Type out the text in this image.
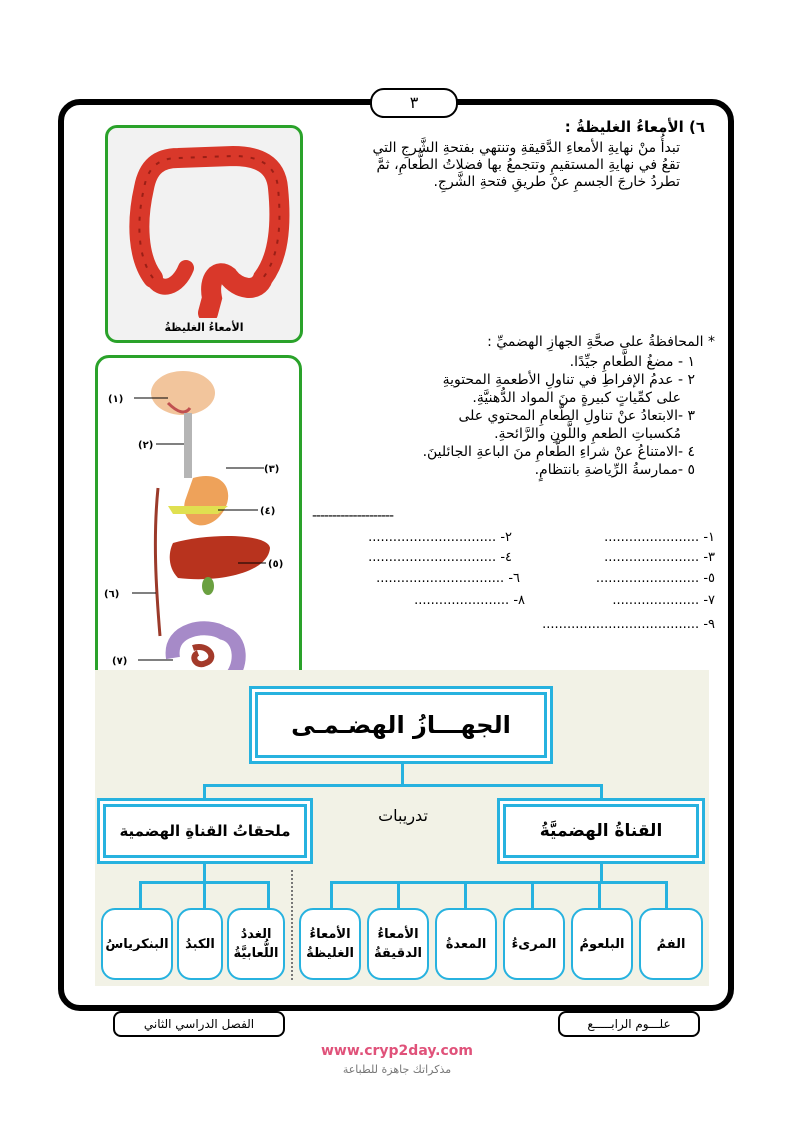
٣
٦) الأمعاءُ الغليظةُ :
تبدأُ منْ نهايةِ الأمعاءِ الدَّقيقةِ وتنتهي بفتحةِ الشَّرجِ التي تقعُ في نهايةِ المستقيمِ وتتجمعُ بها فضلاتُ الطَّعامِ، ثمَّ تطردُ خارجَ الجسمِ عنْ طريقِ فتحةِ الشَّرجِ.
الأمعاءُ الغليظةُ
(١)
(٢)
(٣)
(٤)
(٥)
(٦)
(٧)
* المحافظةُ على صحَّةِ الجهازِ الهضميِّ :
١ - مضغُ الطَّعامِ جيِّدًا.
٢ - عدمُ الإفراطِ في تناولِ الأطعمةِ المحتويةِ
على كمِّياتٍ كبيرةٍ منَ المواد الدُّهنيَّةِ.
٣ -الابتعادُ عنْ تناولِ الطَّعامِ المحتوي على
مُكسباتِ الطعمِ واللَّونِ والرَّائحةِ.
٤ -الامتناعُ عنْ شراءِ الطَّعامِ منَ الباعةِ الجائلينَ.
٥ -ممارسةُ الرِّياضةِ بانتظامٍ.
--------------------
١- .......................
٢- ...............................
٣- .......................
٤- ...............................
٥- .........................
٦- ...............................
٧- .....................
٨- .......................
٩- ......................................
الجهـــازُ الهضـمـى
تدريبات
ملحقاتُ القناةِ الهضمية	القناةُ الهضميَّةُ
البنكرياسُ	الكبدُ
الغددُ اللُّعابيَّةُ
الأمعاءُ الغليظةُ
الأمعاءُ الدقيقةُ
المعدةُ	المرىءُ	البلعومُ	الفمُ
الفصل الدراسي الثاني	علـــوم الرابـــــع
www.cryp2day.com
مذكراتك جاهزة للطباعة
